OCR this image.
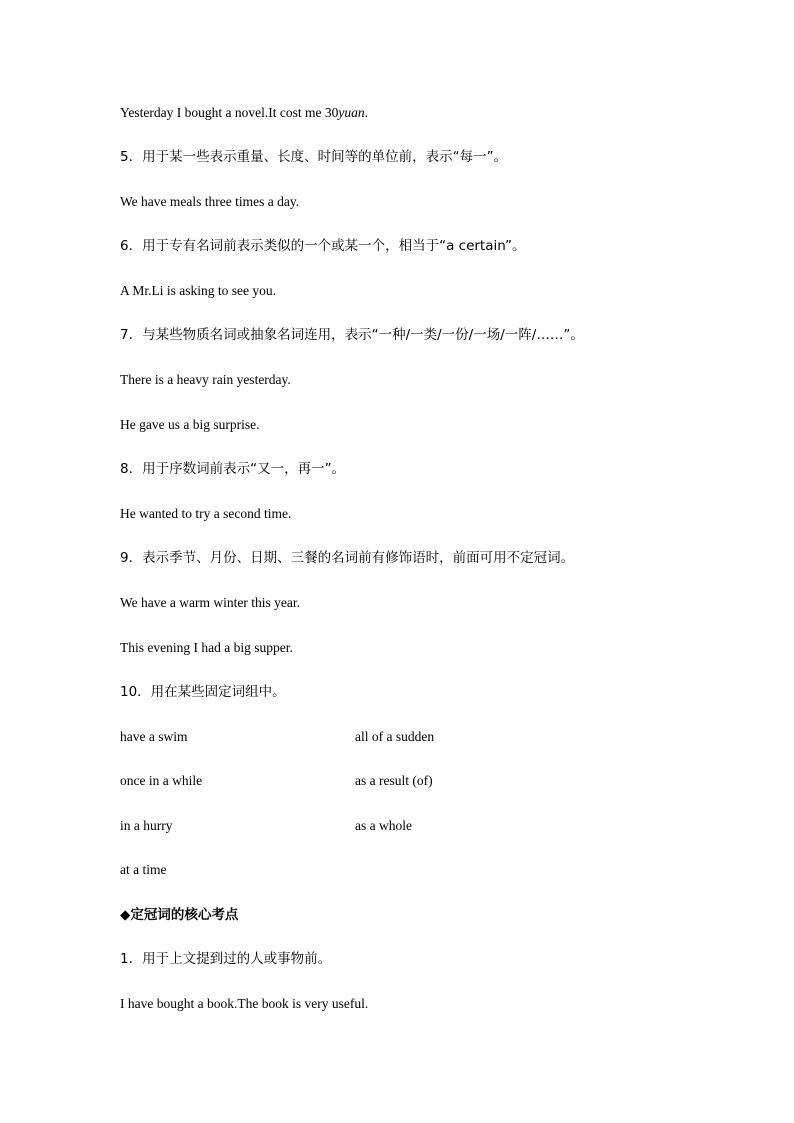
Yesterday I bought a novel.It cost me 30yuan.
5．用于某一些表示重量、长度、时间等的单位前，表示“每一”。
We have meals three times a day.
6．用于专有名词前表示类似的一个或某一个，相当于“a certain”。
A Mr.Li is asking to see you.
7．与某些物质名词或抽象名词连用，表示“一种/一类/一份/一场/一阵/……”。
There is a heavy rain yesterday.
He gave us a big surprise.
8．用于序数词前表示“又一，再一”。
He wanted to try a second time.
9．表示季节、月份、日期、三餐的名词前有修饰语时，前面可用不定冠词。
We have a warm winter this year.
This evening I had a big supper.
10．用在某些固定词组中。
have a swim	all of a sudden
once in a while	as a result (of)
in a hurry	as a whole
at a time
◆定冠词的核心考点
1．用于上文提到过的人或事物前。
I have bought a book.The book is very useful.
